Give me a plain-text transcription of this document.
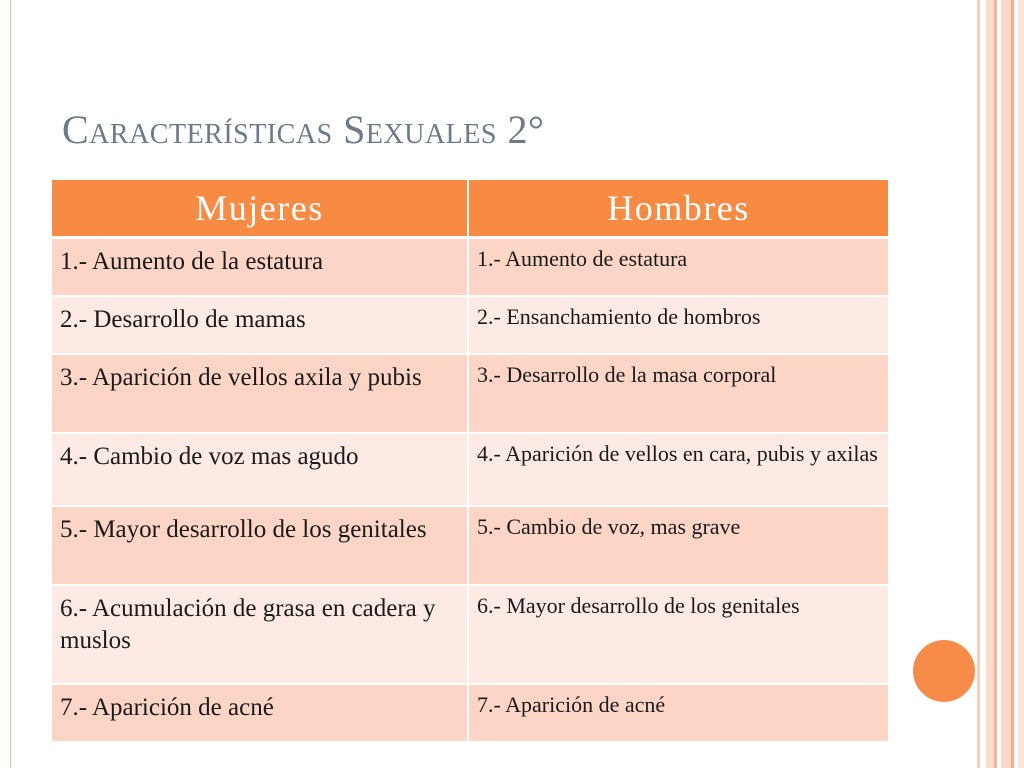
Características Sexuales 2°
Mujeres	Hombres
1.- Aumento de la estatura	1.- Aumento de estatura
2.- Desarrollo de mamas	2.- Ensanchamiento de hombros
3.- Aparición de vellos axila y pubis	3.- Desarrollo de la masa corporal
4.- Cambio de voz mas agudo	4.- Aparición de vellos en cara, pubis y axilas
5.- Mayor desarrollo de los genitales	5.- Cambio de voz, mas grave
6.- Acumulación de grasa en cadera y muslos	6.- Mayor desarrollo de los genitales
7.- Aparición de acné	7.- Aparición de acné
